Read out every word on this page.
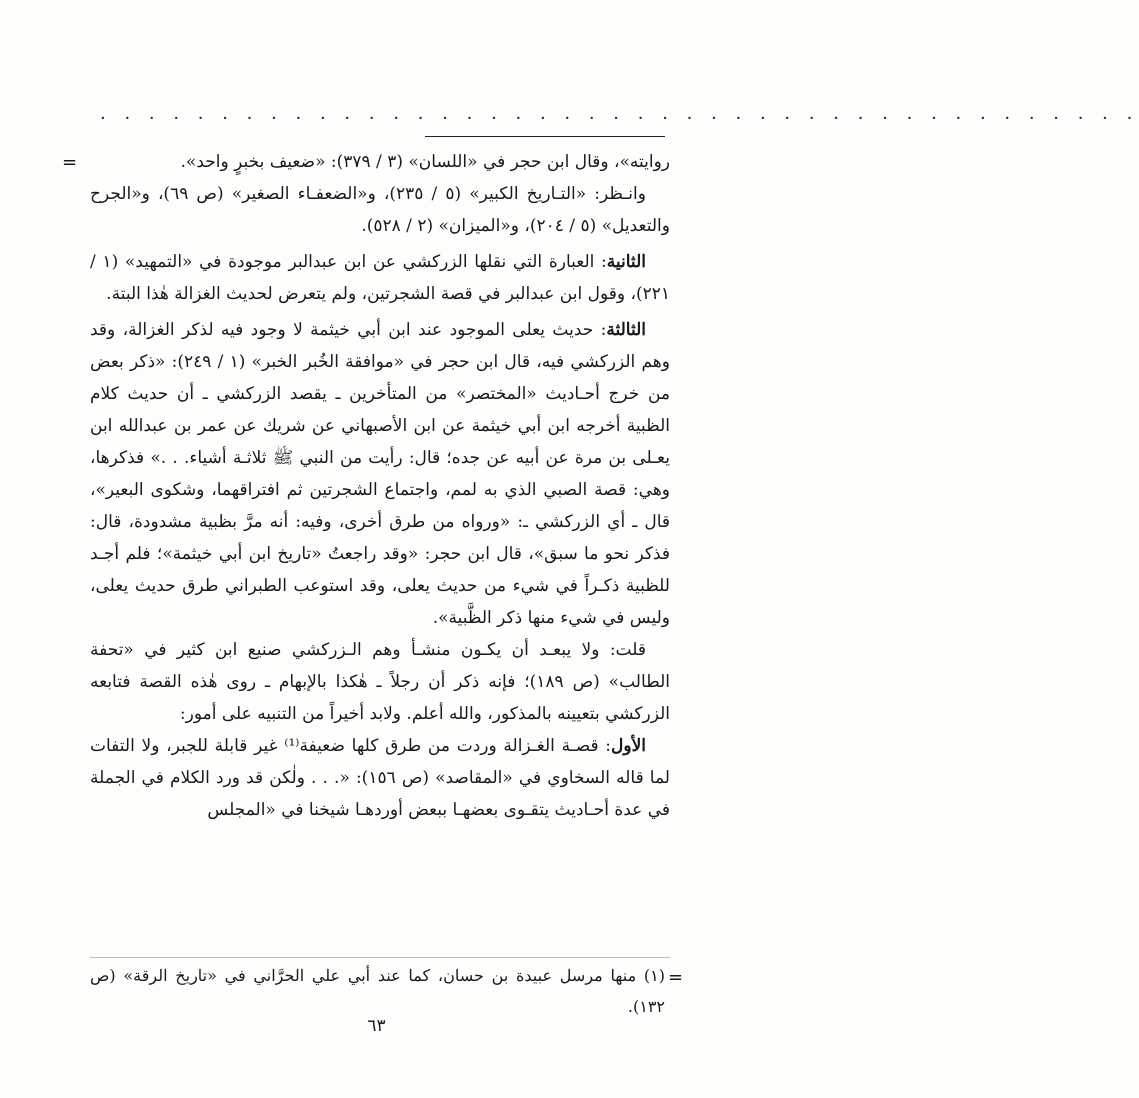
· · · · · · · · · · · · · · · · · · · · · · · · · · · · · · · · · · · · · · · · · · ·
=	روايته»، وقال ابن حجر في «اللسان» (٣ / ٣٧٩): «ضعيف بخبرٍ واحد».

وانـظر: «التـاريخ الكبير» (٥ / ٢٣٥)، و«الضعفـاء الصغير» (ص ٦٩)، و«الجرح والتعديل» (٥ / ٢٠٤)، و«الميزان» (٢ / ٥٢٨).

الثانية: العبارة التي نقلها الزركشي عن ابن عبدالبر موجودة في «التمهيد» (١ / ٢٢١)، وقول ابن عبدالبر في قصة الشجرتين، ولم يتعرض لحديث الغزالة هٰذا البتة.

الثالثة: حديث يعلى الموجود عند ابن أبي خيثمة لا وجود فيه لذكر الغزالة، وقد وهم الزركشي فيه، قال ابن حجر في «موافقة الخُبر الخبر» (١ / ٢٤٩): «ذكر بعض من خرج أحـاديث «المختصر» من المتأخرين ـ يقصد الزركشي ـ أن حديث كلام الظبية أخرجه ابن أبي خيثمة عن ابن الأصبهاني عن شريك عن عمر بن عبدالله ابن يعـلى بن مرة عن أبيه عن جده؛ قال: رأيت من النبي ﷺ ثلاثـة أشياء. . .» فذكرها، وهي: قصة الصبي الذي به لمم، واجتماع الشجرتين ثم افتراقهما، وشكوى البعير»، قال ـ أي الزركشي ـ: «ورواه من طرق أخرى، وفيه: أنه مرَّ بظبية مشدودة، قال: فذكر نحو ما سبق»، قال ابن حجر: «وقد راجعتُ «تاريخ ابن أبي خيثمة»؛ فلم أجـد للظبية ذكـراً في شيء من حديث يعلى، وقد استوعب الطبراني طرق حديث يعلى، وليس في شيء منها ذكر الظَّبية».

قلت: ولا يبعـد أن يكـون منشـأ وهم الـزركشي صنيع ابن كثير في «تحفة الطالب» (ص ١٨٩)؛ فإنه ذكر أن رجلاً ـ هٰكذا بالإبهام ـ روى هٰذه القصة فتابعه الزركشي بتعيينه بالمذكور، والله أعلم. ولابد أخيراً من التنبيه على أمور:

الأول: قصـة الغـزالة وردت من طرق كلها ضعيفة⁽¹⁾ غير قابلة للجبر، ولا التفات لما قاله السخاوي في «المقاصد» (ص ١٥٦): «. . . ولٰكن قد ورد الكلام في الجملة في عدة أحـاديث يتقـوى بعضهـا ببعض أوردهـا شيخنا في «المجلس

(١) منها مرسل عبيدة بن حسان، كما عند أبي علي الحرَّاني في «تاريخ الرقة» (ص ١٣٢).
=
٦٣
